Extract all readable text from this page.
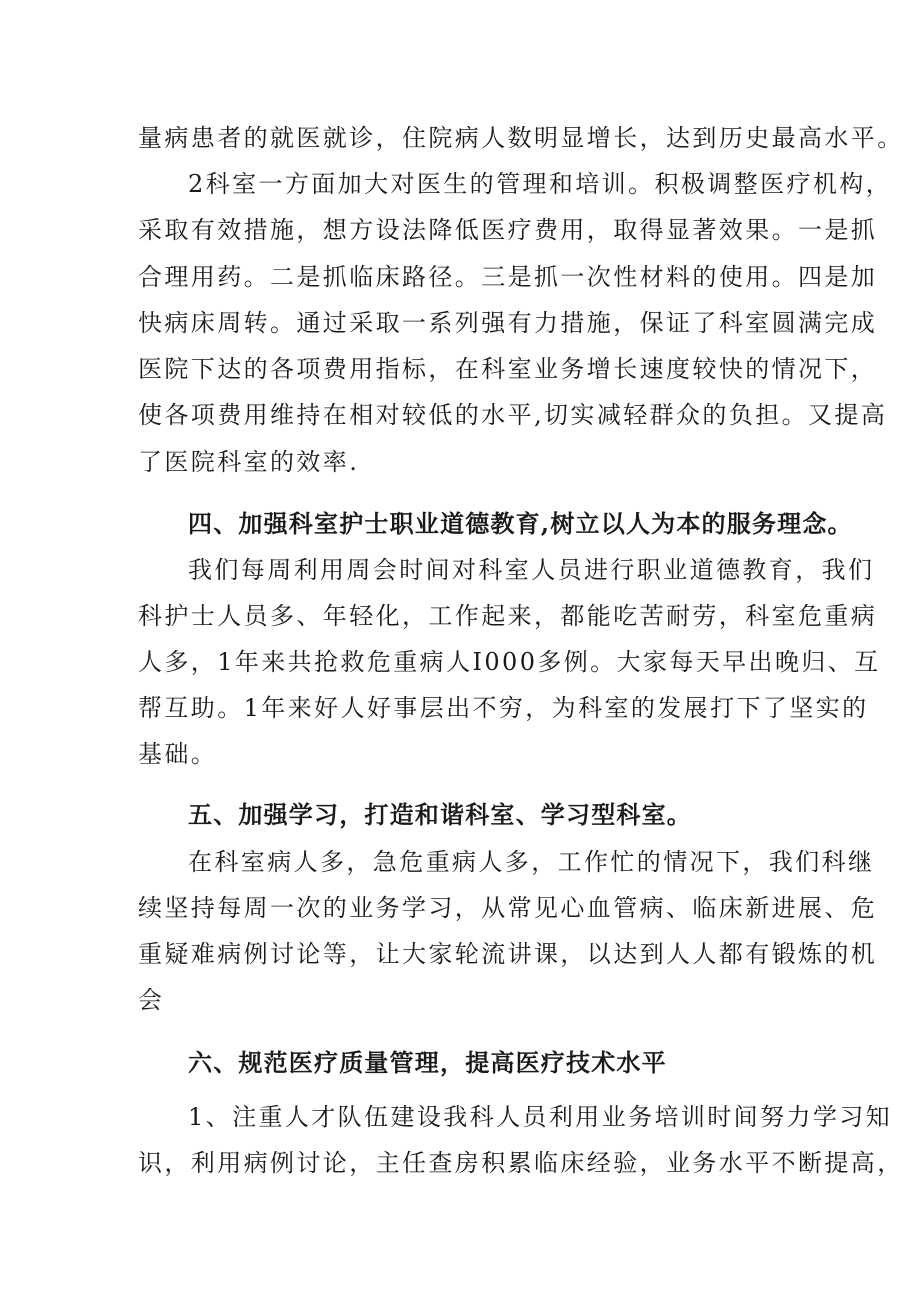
量病患者的就医就诊，住院病人数明显增长，达到历史最高水平。
2科室一方面加大对医生的管理和培训。积极调整医疗机构，
采取有效措施，想方设法降低医疗费用，取得显著效果。一是抓
合理用药。二是抓临床路径。三是抓一次性材料的使用。四是加
快病床周转。通过采取一系列强有力措施，保证了科室圆满完成
医院下达的各项费用指标，在科室业务增长速度较快的情况下，
使各项费用维持在相对较低的水平,切实减轻群众的负担。又提高
了医院科室的效率.
四、加强科室护士职业道德教育,树立以人为本的服务理念。
我们每周利用周会时间对科室人员进行职业道德教育，我们
科护士人员多、年轻化，工作起来，都能吃苦耐劳，科室危重病
人多，1年来共抢救危重病人I000多例。大家每天早出晚归、互
帮互助。1年来好人好事层出不穷，为科室的发展打下了坚实的
基础。
五、加强学习，打造和谐科室、学习型科室。
在科室病人多，急危重病人多，工作忙的情况下，我们科继
续坚持每周一次的业务学习，从常见心血管病、临床新进展、危
重疑难病例讨论等，让大家轮流讲课，以达到人人都有锻炼的机
会
六、规范医疗质量管理，提高医疗技术水平
1、注重人才队伍建设我科人员利用业务培训时间努力学习知
识，利用病例讨论，主任查房积累临床经验，业务水平不断提高，
